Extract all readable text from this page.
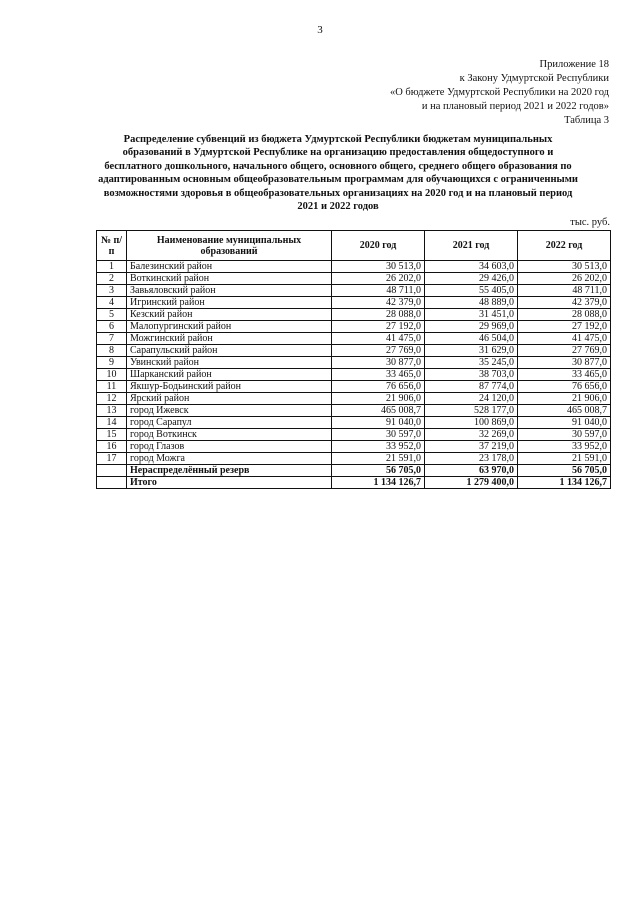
3
Приложение 18
к Закону Удмуртской Республики
«О бюджете Удмуртской Республики на 2020 год
и на плановый период 2021 и 2022 годов»
Таблица 3
Распределение субвенций из бюджета Удмуртской Республики бюджетам муниципальных
образований в Удмуртской Республике на организацию предоставления общедоступного и
бесплатного дошкольного, начального общего, основного общего, среднего общего образования по
адаптированным основным общеобразовательным программам для обучающихся с ограниченными
возможностями здоровья в общеобразовательных организациях на 2020 год и на плановый период
2021 и 2022 годов
тыс. руб.
№ п/п	Наименование муниципальных образований	2020 год	2021 год	2022 год
1	Балезинский район	30 513,0	34 603,0	30 513,0
2	Воткинский район	26 202,0	29 426,0	26 202,0
3	Завьяловский район	48 711,0	55 405,0	48 711,0
4	Игринский район	42 379,0	48 889,0	42 379,0
5	Кезский район	28 088,0	31 451,0	28 088,0
6	Малопургинский район	27 192,0	29 969,0	27 192,0
7	Можгинский район	41 475,0	46 504,0	41 475,0
8	Сарапульский район	27 769,0	31 629,0	27 769,0
9	Увинский район	30 877,0	35 245,0	30 877,0
10	Шарканский район	33 465,0	38 703,0	33 465,0
11	Якшур-Бодьинский район	76 656,0	87 774,0	76 656,0
12	Ярский район	21 906,0	24 120,0	21 906,0
13	город Ижевск	465 008,7	528 177,0	465 008,7
14	город Сарапул	91 040,0	100 869,0	91 040,0
15	город Воткинск	30 597,0	32 269,0	30 597,0
16	город Глазов	33 952,0	37 219,0	33 952,0
17	город Можга	21 591,0	23 178,0	21 591,0
	Нераспределённый резерв	56 705,0	63 970,0	56 705,0
	Итого	1 134 126,7	1 279 400,0	1 134 126,7
